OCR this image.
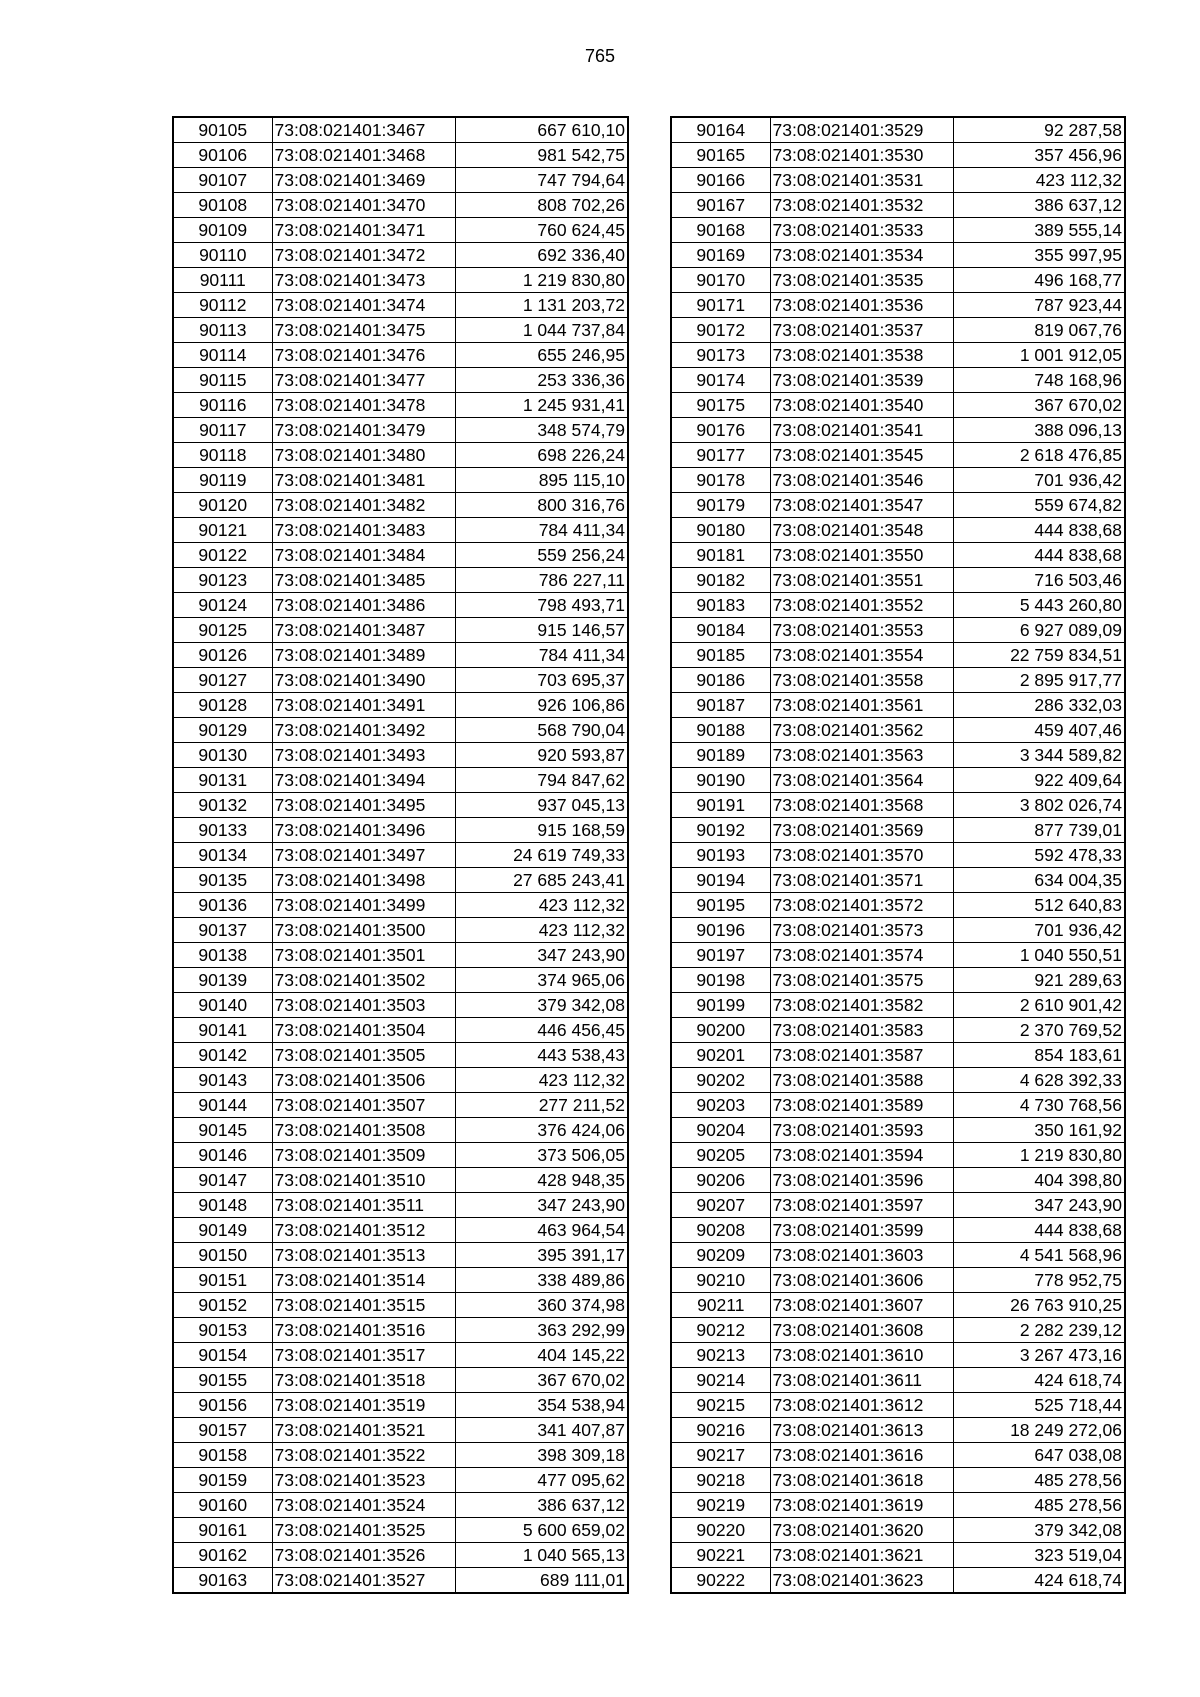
765
90105	73:08:021401:3467	667 610,10
90106	73:08:021401:3468	981 542,75
90107	73:08:021401:3469	747 794,64
90108	73:08:021401:3470	808 702,26
90109	73:08:021401:3471	760 624,45
90110	73:08:021401:3472	692 336,40
90111	73:08:021401:3473	1 219 830,80
90112	73:08:021401:3474	1 131 203,72
90113	73:08:021401:3475	1 044 737,84
90114	73:08:021401:3476	655 246,95
90115	73:08:021401:3477	253 336,36
90116	73:08:021401:3478	1 245 931,41
90117	73:08:021401:3479	348 574,79
90118	73:08:021401:3480	698 226,24
90119	73:08:021401:3481	895 115,10
90120	73:08:021401:3482	800 316,76
90121	73:08:021401:3483	784 411,34
90122	73:08:021401:3484	559 256,24
90123	73:08:021401:3485	786 227,11
90124	73:08:021401:3486	798 493,71
90125	73:08:021401:3487	915 146,57
90126	73:08:021401:3489	784 411,34
90127	73:08:021401:3490	703 695,37
90128	73:08:021401:3491	926 106,86
90129	73:08:021401:3492	568 790,04
90130	73:08:021401:3493	920 593,87
90131	73:08:021401:3494	794 847,62
90132	73:08:021401:3495	937 045,13
90133	73:08:021401:3496	915 168,59
90134	73:08:021401:3497	24 619 749,33
90135	73:08:021401:3498	27 685 243,41
90136	73:08:021401:3499	423 112,32
90137	73:08:021401:3500	423 112,32
90138	73:08:021401:3501	347 243,90
90139	73:08:021401:3502	374 965,06
90140	73:08:021401:3503	379 342,08
90141	73:08:021401:3504	446 456,45
90142	73:08:021401:3505	443 538,43
90143	73:08:021401:3506	423 112,32
90144	73:08:021401:3507	277 211,52
90145	73:08:021401:3508	376 424,06
90146	73:08:021401:3509	373 506,05
90147	73:08:021401:3510	428 948,35
90148	73:08:021401:3511	347 243,90
90149	73:08:021401:3512	463 964,54
90150	73:08:021401:3513	395 391,17
90151	73:08:021401:3514	338 489,86
90152	73:08:021401:3515	360 374,98
90153	73:08:021401:3516	363 292,99
90154	73:08:021401:3517	404 145,22
90155	73:08:021401:3518	367 670,02
90156	73:08:021401:3519	354 538,94
90157	73:08:021401:3521	341 407,87
90158	73:08:021401:3522	398 309,18
90159	73:08:021401:3523	477 095,62
90160	73:08:021401:3524	386 637,12
90161	73:08:021401:3525	5 600 659,02
90162	73:08:021401:3526	1 040 565,13
90163	73:08:021401:3527	689 111,01
90164	73:08:021401:3529	92 287,58
90165	73:08:021401:3530	357 456,96
90166	73:08:021401:3531	423 112,32
90167	73:08:021401:3532	386 637,12
90168	73:08:021401:3533	389 555,14
90169	73:08:021401:3534	355 997,95
90170	73:08:021401:3535	496 168,77
90171	73:08:021401:3536	787 923,44
90172	73:08:021401:3537	819 067,76
90173	73:08:021401:3538	1 001 912,05
90174	73:08:021401:3539	748 168,96
90175	73:08:021401:3540	367 670,02
90176	73:08:021401:3541	388 096,13
90177	73:08:021401:3545	2 618 476,85
90178	73:08:021401:3546	701 936,42
90179	73:08:021401:3547	559 674,82
90180	73:08:021401:3548	444 838,68
90181	73:08:021401:3550	444 838,68
90182	73:08:021401:3551	716 503,46
90183	73:08:021401:3552	5 443 260,80
90184	73:08:021401:3553	6 927 089,09
90185	73:08:021401:3554	22 759 834,51
90186	73:08:021401:3558	2 895 917,77
90187	73:08:021401:3561	286 332,03
90188	73:08:021401:3562	459 407,46
90189	73:08:021401:3563	3 344 589,82
90190	73:08:021401:3564	922 409,64
90191	73:08:021401:3568	3 802 026,74
90192	73:08:021401:3569	877 739,01
90193	73:08:021401:3570	592 478,33
90194	73:08:021401:3571	634 004,35
90195	73:08:021401:3572	512 640,83
90196	73:08:021401:3573	701 936,42
90197	73:08:021401:3574	1 040 550,51
90198	73:08:021401:3575	921 289,63
90199	73:08:021401:3582	2 610 901,42
90200	73:08:021401:3583	2 370 769,52
90201	73:08:021401:3587	854 183,61
90202	73:08:021401:3588	4 628 392,33
90203	73:08:021401:3589	4 730 768,56
90204	73:08:021401:3593	350 161,92
90205	73:08:021401:3594	1 219 830,80
90206	73:08:021401:3596	404 398,80
90207	73:08:021401:3597	347 243,90
90208	73:08:021401:3599	444 838,68
90209	73:08:021401:3603	4 541 568,96
90210	73:08:021401:3606	778 952,75
90211	73:08:021401:3607	26 763 910,25
90212	73:08:021401:3608	2 282 239,12
90213	73:08:021401:3610	3 267 473,16
90214	73:08:021401:3611	424 618,74
90215	73:08:021401:3612	525 718,44
90216	73:08:021401:3613	18 249 272,06
90217	73:08:021401:3616	647 038,08
90218	73:08:021401:3618	485 278,56
90219	73:08:021401:3619	485 278,56
90220	73:08:021401:3620	379 342,08
90221	73:08:021401:3621	323 519,04
90222	73:08:021401:3623	424 618,74
